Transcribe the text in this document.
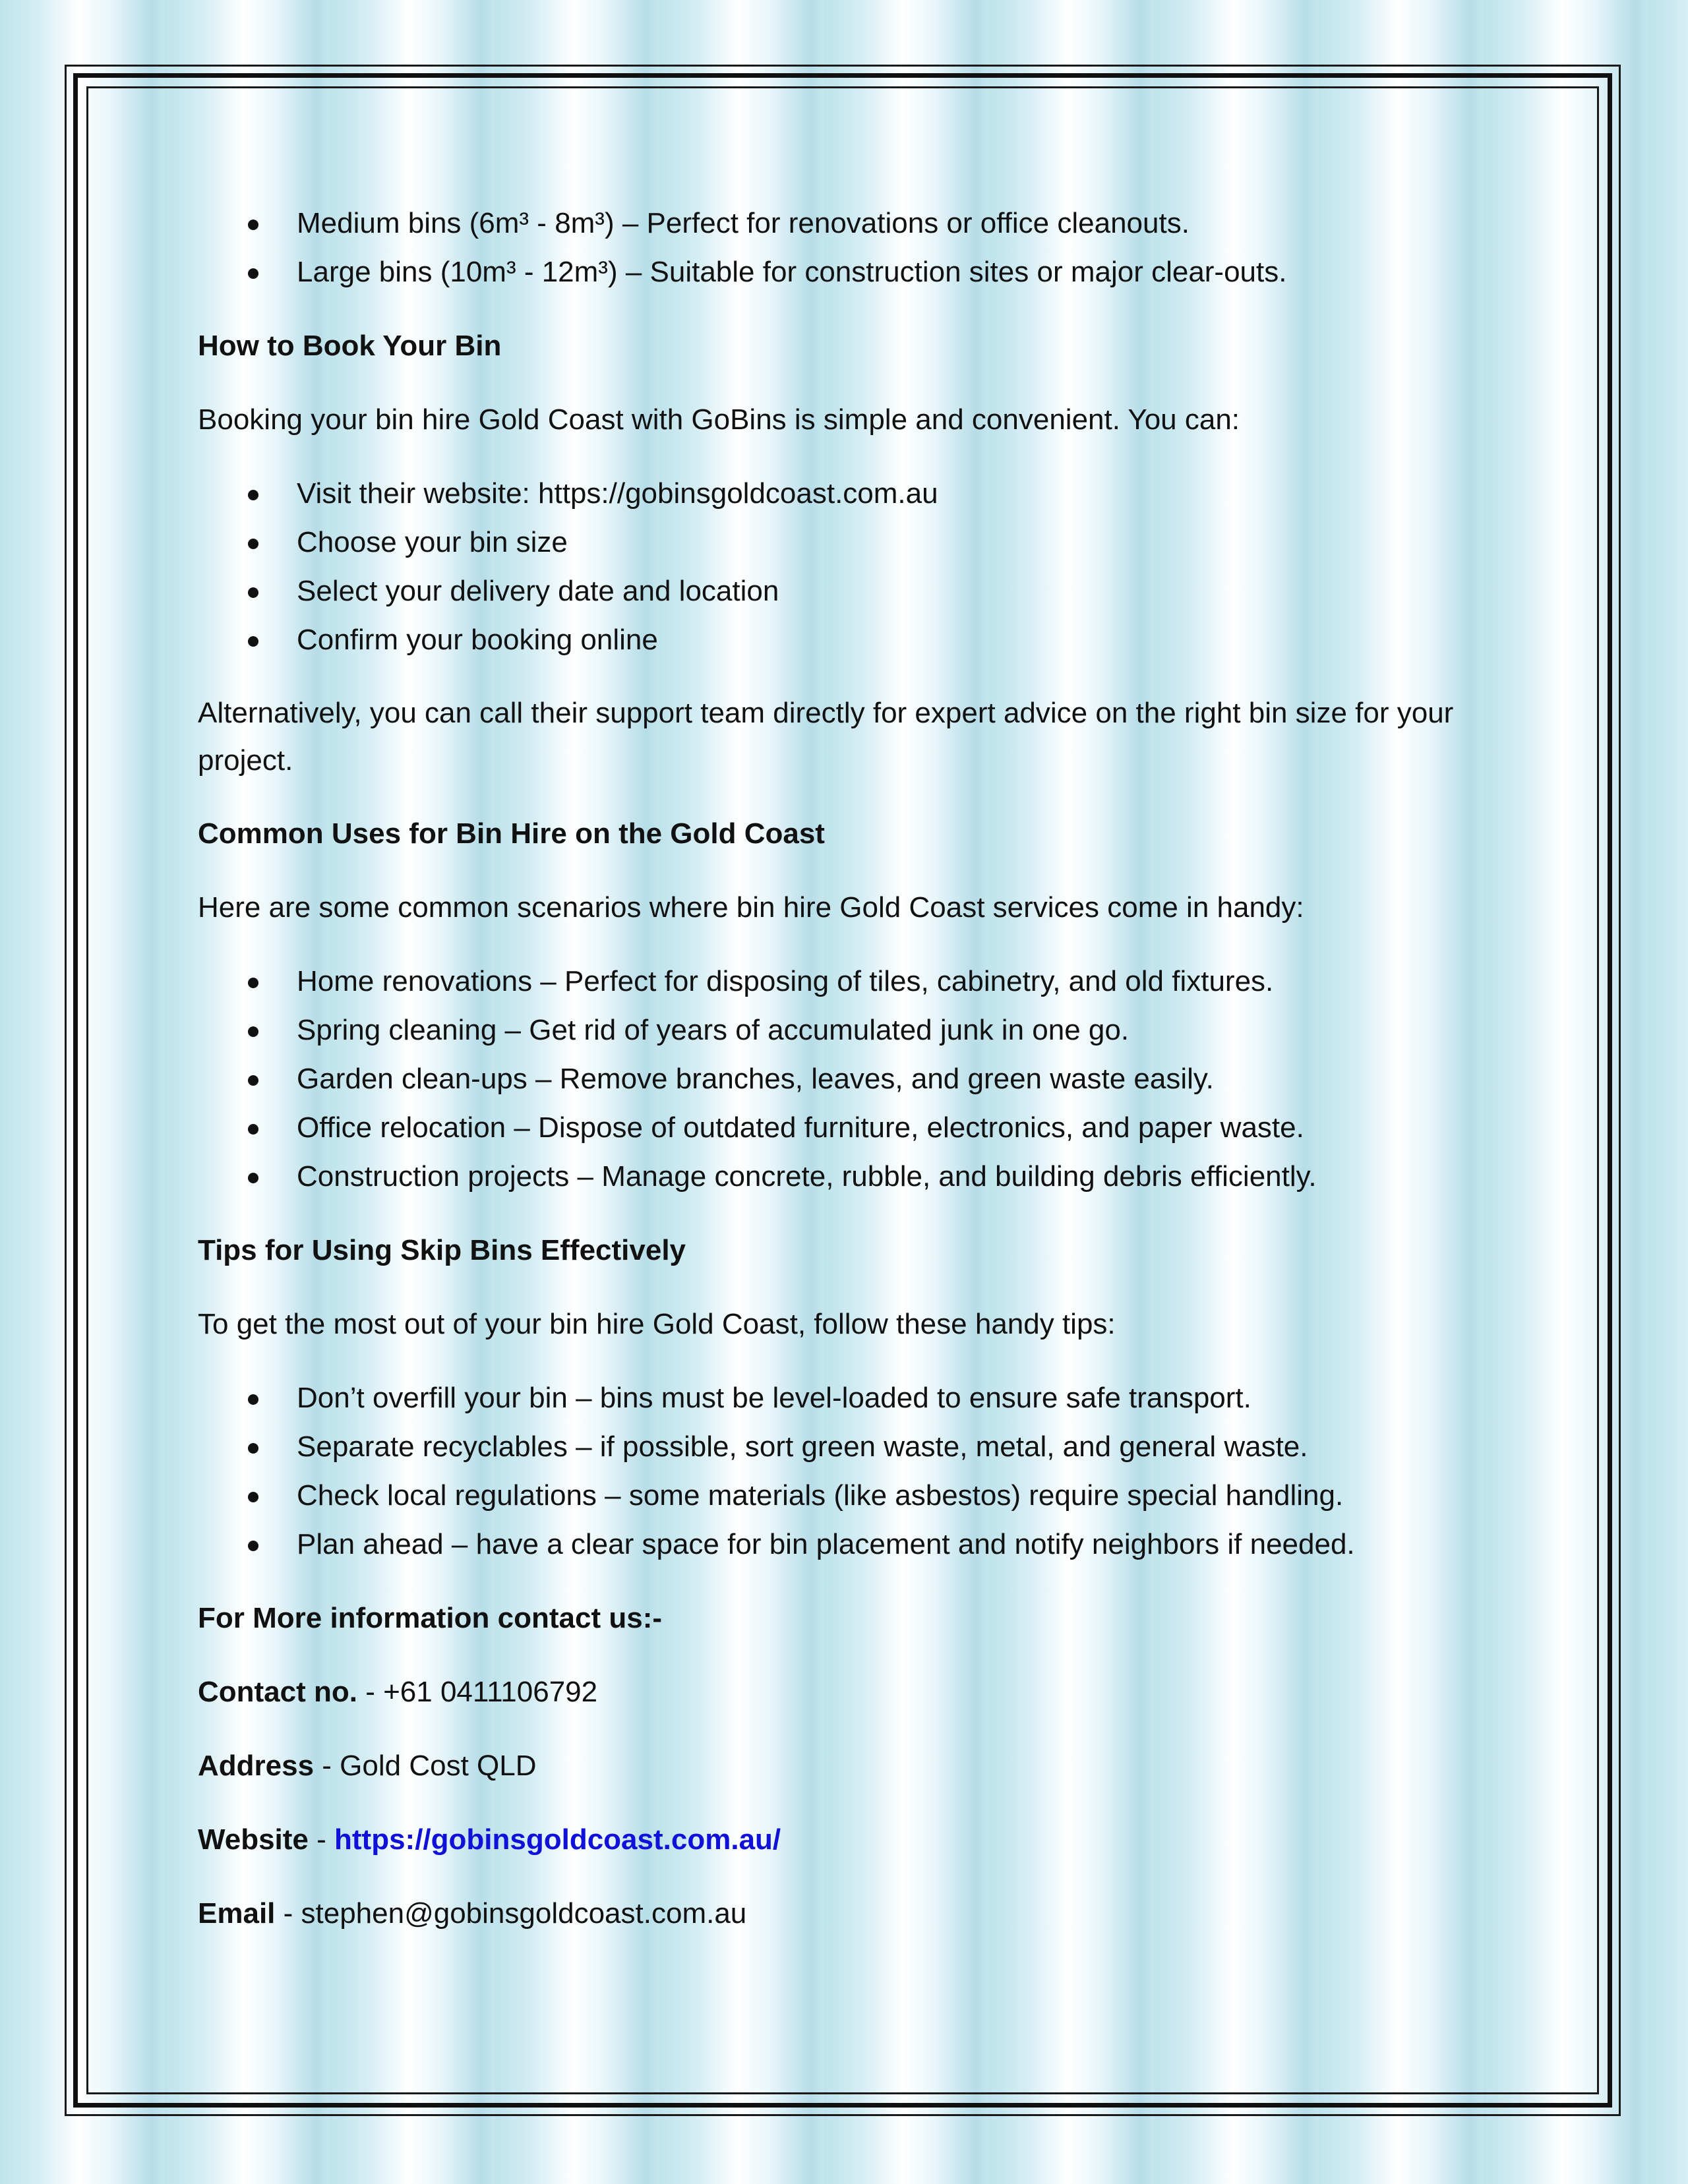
Medium bins (6m³ - 8m³) – Perfect for renovations or office cleanouts.
Large bins (10m³ - 12m³) – Suitable for construction sites or major clear-outs.

How to Book Your Bin

Booking your bin hire Gold Coast with GoBins is simple and convenient. You can:

Visit their website: https://gobinsgoldcoast.com.au
Choose your bin size
Select your delivery date and location
Confirm your booking online

Alternatively, you can call their support team directly for expert advice on the right bin size for your project.

Common Uses for Bin Hire on the Gold Coast

Here are some common scenarios where bin hire Gold Coast services come in handy:

Home renovations – Perfect for disposing of tiles, cabinetry, and old fixtures.
Spring cleaning – Get rid of years of accumulated junk in one go.
Garden clean-ups – Remove branches, leaves, and green waste easily.
Office relocation – Dispose of outdated furniture, electronics, and paper waste.
Construction projects – Manage concrete, rubble, and building debris efficiently.

Tips for Using Skip Bins Effectively

To get the most out of your bin hire Gold Coast, follow these handy tips:

Don’t overfill your bin – bins must be level-loaded to ensure safe transport.
Separate recyclables – if possible, sort green waste, metal, and general waste.
Check local regulations – some materials (like asbestos) require special handling.
Plan ahead – have a clear space for bin placement and notify neighbors if needed.

For More information contact us:-

Contact no. - +61 0411106792

Address - Gold Cost QLD

Website - https://gobinsgoldcoast.com.au/

Email - stephen@gobinsgoldcoast.com.au
